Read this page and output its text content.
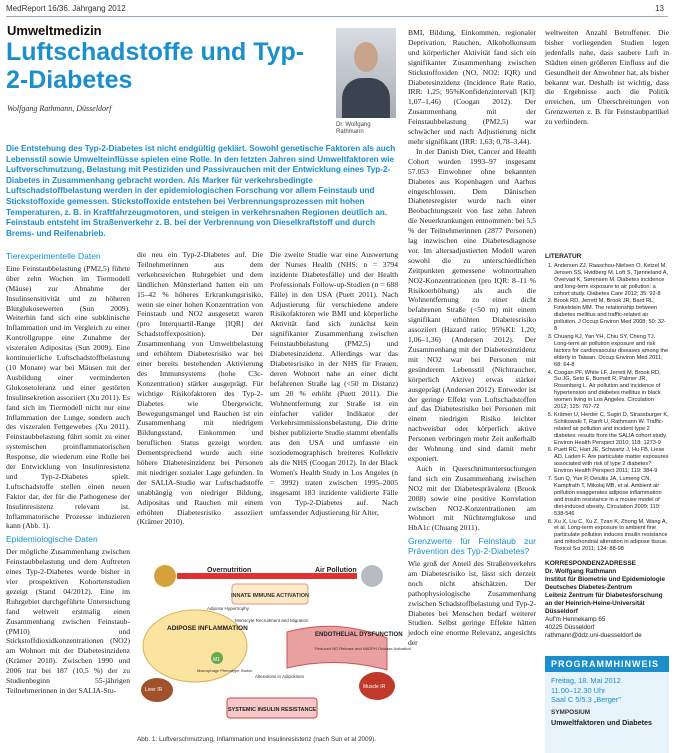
MedReport 16/36. Jahrgang 2012	13
Umweltmedizin
Luftschadstoffe und Typ-2-Diabetes
Wolfgang Rathmann, Düsseldorf
Dr. Wolfgang Rathmann
Die Entstehung des Typ-2-Diabetes ist nicht endgültig geklärt. Sowohl genetische Faktoren als auch Lebensstil sowie Umwelteinflüsse spielen eine Rolle. In den letzten Jahren sind Umweltfaktoren wie Luftverschmutzung, Belastung mit Pestiziden und Passivrauchen mit der Entwicklung eines Typ-2-Diabetes in Zusammenhang gebracht worden. Als Marker für verkehrsbedingte Luftschadstoffbelastung werden in der epidemiologischen Forschung vor allem Feinstaub und Stickstoffoxide gemessen. Stickstoffoxide entstehen bei Verbrennungsprozessen mit hohen Temperaturen, z. B. in Kraftfahrzeugmotoren, und steigen in verkehrsnahen Regionen deutlich an. Feinstaub entsteht im Straßenverkehr z. B. bei der Verbrennung von Dieselkraftstoff und durch Brems- und Reifenabrieb.
Tierexperimentelle Daten

Eine Feinstaubbelastung (PM2,5) führte über zehn Wochen im Tiermodell (Mäuse) zur Abnahme der Insulinsensitivität und zu höheren Blutglukosewerten (Sun 2009). Weiterhin fand sich eine subklinische Inflammation und im Vergleich zu einer Kontrollgruppe eine Zunahme der viszeralen Adipositas (Sun 2009). Eine kontinuierliche Luftschadstoffbelastung (10 Monate) war bei Mäusen mit der Ausbildung einer verminderten Glukosetoleranz und einer gestörten Insulinsekretion assoziiert (Xu 2011). Es fand sich im Tiermodell nicht nur eine Inflammation der Lunge, sondern auch des viszeralen Fettgewebes (Xu 2011). Feinstaubbelastung führt somit zu einer systemischen proinflammatorischen Response, die wiederum eine Rolle bei der Entwicklung von Insulinresistenz und Typ-2-Diabetes spielt. Luftschadstoffe stellen einen neuen Faktor dar, der für die Pathogenese der Insulinresistenz relevant ist. Inflammatorische Prozesse induzieren kann (Abb. 1).

Epidemiologische Daten

Der mögliche Zusammenhang zwischen Feinstaubbelastung und dem Auftreten eines Typ-2-Diabetes wurde bisher in vier prospektiven Kohortenstudien gezeigt (Stand 04/2012). Eine im Ruhrgebiet durchgeführte Untersuchung fand weltweit erstmalig einen Zusammenhang zwischen Feinstaub- (PM10) und Stickstoffdioxidkonzentrationen (NO2) am Wohnort mit der Diabetesinzidenz (Krämer 2010). Zwischen 1990 und 2006 trat bei 187 (10,5 %) der zu Studienbeginn 55-jährigen Teilnehmerinnen in der SALIA-Stu-

die neu ein Typ-2-Diabetes auf. Die Teilnehmerinnen aus dem verkehrsreichen Ruhrgebiet und dem ländlichen Münsterland hatten ein um 15–42 % höheres Erkrankungsrisiko, wenn sie einer hohen Konzentration von Feinstaub und NO2 ausgesetzt waren (pro Interquartil-Range [IQR] der Schadstoffexposition). Der Zusammenhang von Umweltbelastung und erhöhtem Diabetesrisiko war bei einer bereits bestehenden Aktivierung des Immunsystems (hohe C3c-Konzentration) stärker ausgeprägt. Für wichtige Risikofaktoren des Typ-2-Diabetes wie Übergewicht, Bewegungsmangel und Rauchen ist ein Zusammenhang mit niedrigem Bildungsstand, Einkommen und beruflichen Status gezeigt worden. Dementsprechend wurde auch eine höhere Diabetesinzidenz bei Personen mit niedriger sozialer Lage gefunden. In der SALIA-Studie war Luftschadstoffe unabhängig von niedriger Bildung, Adipositas und Rauchen mit einem erhöhten Diabetesrisiko assoziiert (Krämer 2010).

Die zweite Studie war eine Auswertung der Nurses Health (NHS: n = 3794 inzidente Diabetesfälle) und der Health Professionals Follow-up-Studien (n = 688 Fälle) in den USA (Puett 2011). Nach Adjustierung für verschiedene andere Risikofaktoren wie BMI und körperliche Aktivität fand sich zunächst kein signifikanter Zusammenhang zwischen Feinstaubbelastung (PM2,5) und Diabetesinzidenz. Allerdings war das Diabetesrisiko in der NHS für Frauen, deren Wohnort nahe an einer dicht befahrenen Straße lag (<50 m Distanz) um 20 % erhöht (Puett 2011). Die Wohnentfernung zur Straße ist ein einfacher valider Indikator der Verkehrsimmissionsbelastung. Die dritte bisher publizierte Studie stammt ebenfalls aus den USA und umfasste ein soziodemographisch breiteres Kollektiv als die NHS (Coogan 2012). In der Black Women's Health Study in Los Angeles (n = 3992) traten zwischen 1995–2005 insgesamt 183 inzidente validierte Fälle von Typ-2-Diabetes auf. Nach umfassender Adjustierung für Alter,

BMI, Bildung, Einkommen, regionaler Deprivation, Rauchen, Alkoholkonsum und körperlicher Aktivität fand sich ein signifikanter Zusammenhang zwischen Stickstoffoxiden (NO, NO2: IQR) und Diabetesinzidenz (Incidence Rate Ratio, IRR: 1,25; 95%Konfidenzintervall [KI]: 1,07–1,46) (Coogan 2012). Der Zusammenhang mit der Feinstaubbelastung (PM2,5) war schwächer und nach Adjustierung nicht mehr signifikant (IRR: 1,63; 0,78–3,44).

In der Danish Diet, Cancer and Health Cohort wurden 1993–97 insgesamt 57.053 Einwohner ohne bekannten Diabetes aus Kopenhagen und Aarhus eingeschlossen. Dem Dänischen Diabetesregister wurde nach einer Beobachtungszeit von fast zehn Jahren die Neuerkrankungen entnommen: bei 5,5 % der Teilnehmerinnen (2877 Personen) lag inzwischen eine Diabetesdiagnose vor. Im altersadjustierten Modell waren sowohl die zu unterschiedlichen Zeitpunkten gemessene wohnortnahen NO2-Konzentrationen (pro IQR: 8–11 % Risikoerhöhung) als auch die Wohnentfernung zu einer dicht befahrenen Straße (<50 m) mit einem signifikant erhöhten Diabetesrisiko assoziiert (Hazard ratio; 95%KI: 1,20; 1,06–1,36) (Andersen 2012). Der Zusammenhang mit der Diabetesinzidenz mit NO2 war bei Personen mit gesünderem Lebensstil (Nichtraucher, körperlich Aktive) etwas stärker ausgeprägt (Andersen 2012). Entweder ist der geringe Effekt von Luftschadstoffen auf das Diabetesrisiko bei Personen mit einem niedrigen Risiko leichter nachweisbar oder körperlich aktive Personen verbringen mehr Zeit außerhalb der Wohnung und sind damit mehr exponiert.

Auch in Querschnittuntersuchungen fand sich ein Zusammenhang zwischen NO2 mit der Diabetesprävalenz (Brook 2008) sowie eine positive Korrelation zwischen NO2-Konzentrationen am Wohnort mit Nüchternglukose und HbA1c (Chuang 2011).

Grenzwerte für Feinstaub zur Prävention des Typ-2-Diabetes?

Wie groß der Anteil des Straßenverkehrs am Diabetesrisiko ist, lässt sich derzeit noch nicht abschätzen. Der pathophysiologische Zusammenhang zwischen Schadstoffbelastung und Typ-2-Diabetes bei Menschen bedarf weiterer Studien. Selbst geringe Effekte hätten jedoch eine enorme Relevanz, angesichts der

weltweiten Anzahl Betroffener. Die bisher vorliegenden Studien legen jedenfalls nahe, dass saubere Luft in Städten einen größeren Einfluss auf die Gesundheit der Anwohner hat, als bisher bekannt war. Deshalb ist wichtig, dass die Ergebnisse auch die Politik erreichen, um Überschreitungen von Grenzwerten z. B. für Feinstaubpartikel zu verhindern.

LITERATUR
1. Andersen ZJ, Raaschou-Nielsen O, Ketzel M, Jensen SS, Hvidberg M, Loft S, Tjønneland A, Overvad K, Sørensen M. Diabetes incidence and long-term exposure to air pollution: a cohort study. Diabetes Care 2012; 35: 92-8
2. Brook RD, Jerrett M, Brook JR, Bard RL, Finkelstein MM. The relationship between diabetes mellitus and traffic-related air pollution. J Occup Environ Med 2008; 50: 32-8
3. Chuang KJ, Yan YH, Chiu SY, Cheng TJ. Long-term air pollution exposure and risk factors for cardiovascular diseases among the elderly in Taiwan. Occup Environ Med 2011; 68: 64-8
4. Coogan PF, White LF, Jerrett M, Brook RD, Su JG, Seto E, Burnett R, Palmer JR, Rosenberg L. Air pollution and incidence of hypertension and diabetes mellitus in black women living in Los Angeles. Circulation 2012; 125: 767-72
5. Krämer U, Herder C, Sugiri D, Strassburger K, Schikowski T, Ranft U, Rathmann W. Traffic-related air pollution and incident type 2 diabetes: results from the SALIA cohort study. Environ Health Perspect 2010; 118: 1273-9
6. Puett RC, Hart JE, Schwartz J, Hu FB, Liese AD, Laden F. Are particulate matter exposures associated with risk of type 2 diabetes? Environ Health Perspect 2011; 119: 384-9
7. Sun Q, Yue P, Deiuliis JA, Lumeng CN, Kampfrath T, Mikolaj MB, et al. Ambient air pollution exaggerates adipose inflammation and insulin resistance in a mouse model of diet-induced obesity. Circulation 2009; 119: 538-546
8. Xu X, Liu C, Xu Z, Tzan K, Zhong M, Wang A, et al. Long-term exposure to ambient fine particulate pollution induces insulin resistance and mitochondrial alteration in adipose tissue. Toxicol Sci 2011; 124: 88-98
KORRESPONDENZADRESSE
Dr. Wolfgang Rathmann
Institut für Biometrie und Epidemiologie
Deutsches Diabetes-Zentrum
Leibniz Zentrum für Diabetesforschung an der Heinrich-Heine-Universität Düsseldorf
Auf'm Hennekamp 65
40225 Düsseldorf
rathmann@ddz.uni-duesseldorf.de
PROGRAMMHINWEIS
Freitag, 18. Mai 2012
11.00–12.30 Uhr
Saal C 5/5.3 „Berger"
SYMPOSIUM
Umweltfaktoren und Diabetes
Overnutrition	Air Pollution
INNATE IMMUNE ACTIVATION
ADIPOSE INFLAMMATION
Adipose Hypertrophy
Monocyte Recruitment and Migration
M1
Macrophage Phenotype Switch
ENDOTHELIAL DYSFUNCTION
Reduced NO Release and NADPH Oxidase Activation
Alterations in Adipokines
Liver IR	Muscle IR
SYSTEMIC INSULIN RESISTANCE
Abb. 1: Luftverschmutzung, Inflammation und Insulinresistenz (nach Sun et al 2009).
